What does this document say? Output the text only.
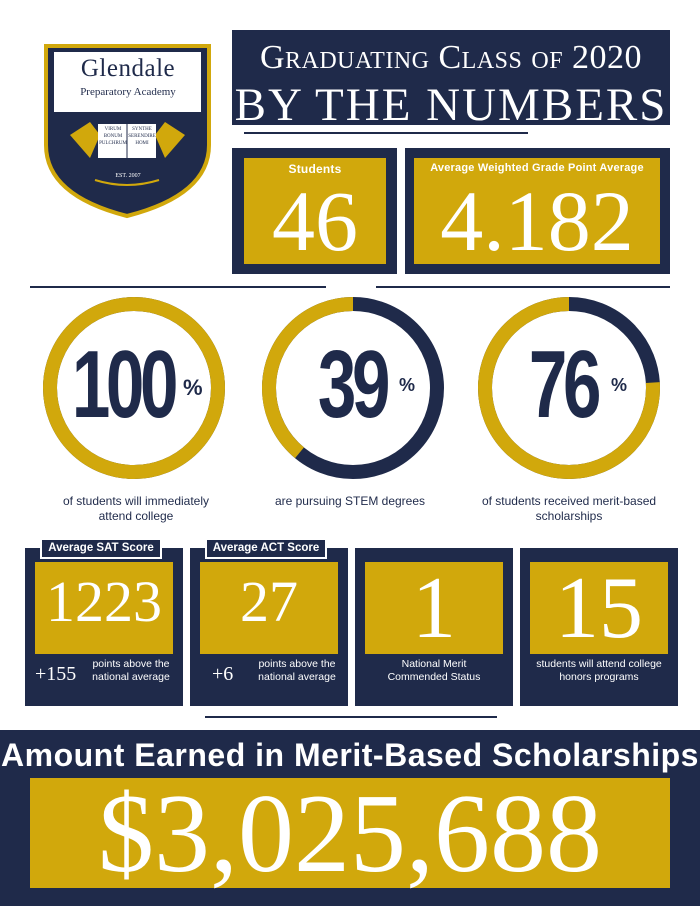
Glendale
Preparatory Academy
VIRUM BONUM PULCHRUM
SYNTHE SERENDIRE HOMI
EST. 2007
Graduating Class of 2020
BY THE NUMBERS
Students
46
Average Weighted Grade Point Average
4.182
100 % 39 % 76 %
of students will immediately attend college
are pursuing STEM degrees	of students received merit-based scholarships
Average SAT Score
1223
+155	points above the national average
Average ACT Score
27
+6	points above the national average
1
National Merit Commended Status
15
students will attend college honors programs
Amount Earned in Merit-Based Scholarships
$3,025,688
